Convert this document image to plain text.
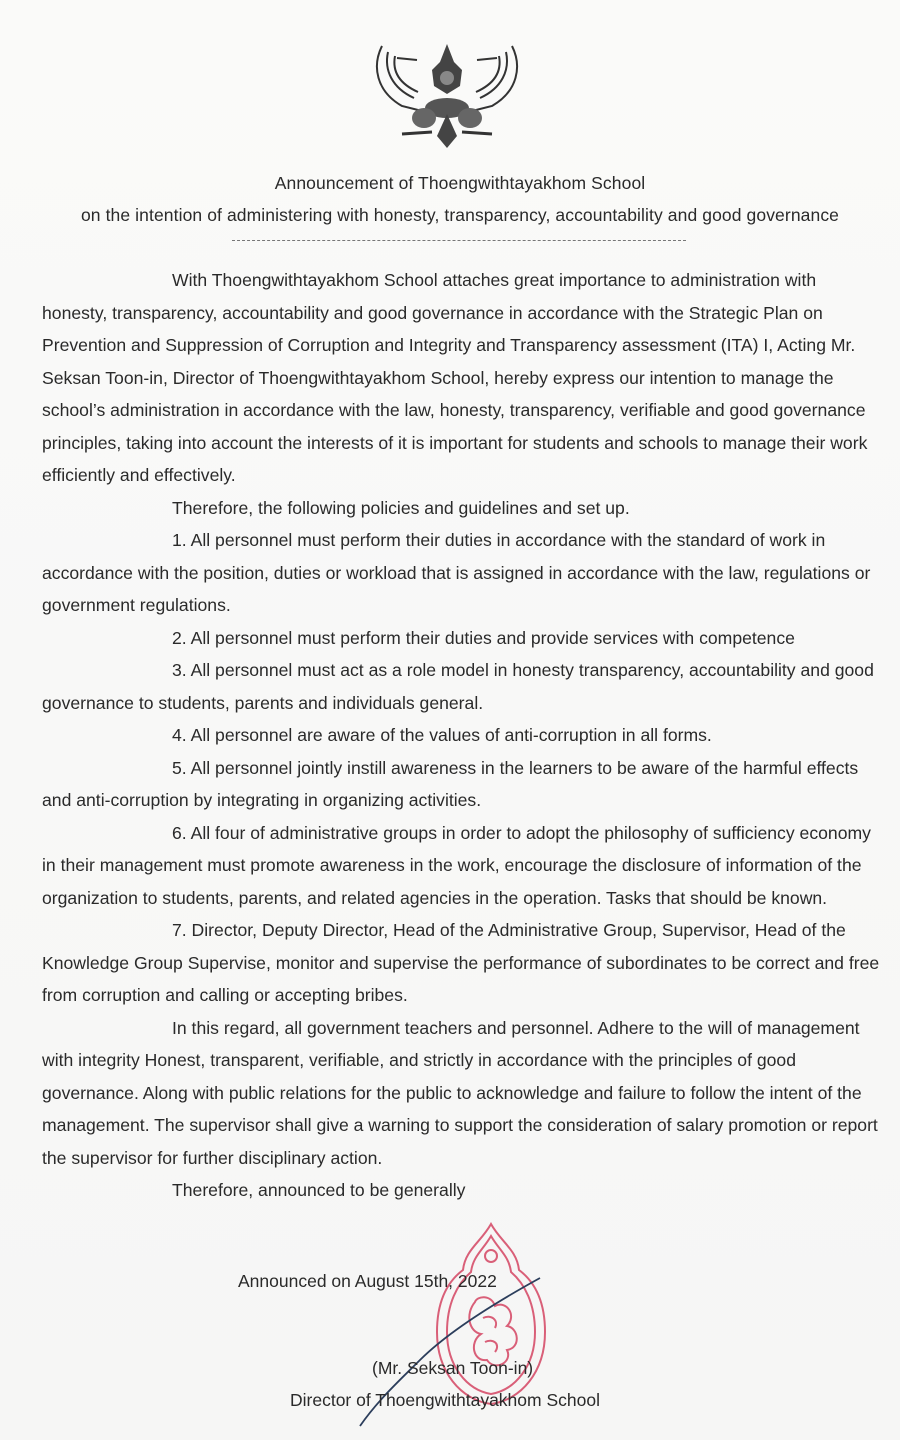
Announcement of Thoengwithtayakhom School
on the intention of administering with honesty, transparency, accountability and good governance

With Thoengwithtayakhom School attaches great importance to administration with honesty, transparency, accountability and good governance in accordance with the Strategic Plan on Prevention and Suppression of Corruption and Integrity and Transparency assessment (ITA) I, Acting Mr. Seksan Toon-in, Director of Thoengwithtayakhom School, hereby express our intention to manage the school’s administration in accordance with the law, honesty, transparency, verifiable and good governance principles, taking into account the interests of it is important for students and schools to manage their work efficiently and effectively.

Therefore, the following policies and guidelines and set up.

1. All personnel must perform their duties in accordance with the standard of work in accordance with the position, duties or workload that is assigned in accordance with the law, regulations or government regulations.

2. All personnel must perform their duties and provide services with competence

3. All personnel must act as a role model in honesty transparency, accountability and good governance to students, parents and individuals general.

4. All personnel are aware of the values of anti-corruption in all forms.

5. All personnel jointly instill awareness in the learners to be aware of the harmful effects and anti-corruption by integrating in organizing activities.

6. All four of administrative groups in order to adopt the philosophy of sufficiency economy in their management must promote awareness in the work, encourage the disclosure of information of the organization to students, parents, and related agencies in the operation. Tasks that should be known.

7. Director, Deputy Director, Head of the Administrative Group, Supervisor, Head of the Knowledge Group Supervise, monitor and supervise the performance of subordinates to be correct and free from corruption and calling or accepting bribes.

In this regard, all government teachers and personnel. Adhere to the will of management with integrity Honest, transparent, verifiable, and strictly in accordance with the principles of good governance. Along with public relations for the public to acknowledge and failure to follow the intent of the management. The supervisor shall give a warning to support the consideration of salary promotion or report the supervisor for further disciplinary action.

Therefore, announced to be generally

Announced on August 15th, 2022
(Mr. Seksan Toon-in)
Director of Thoengwithtayakhom School
